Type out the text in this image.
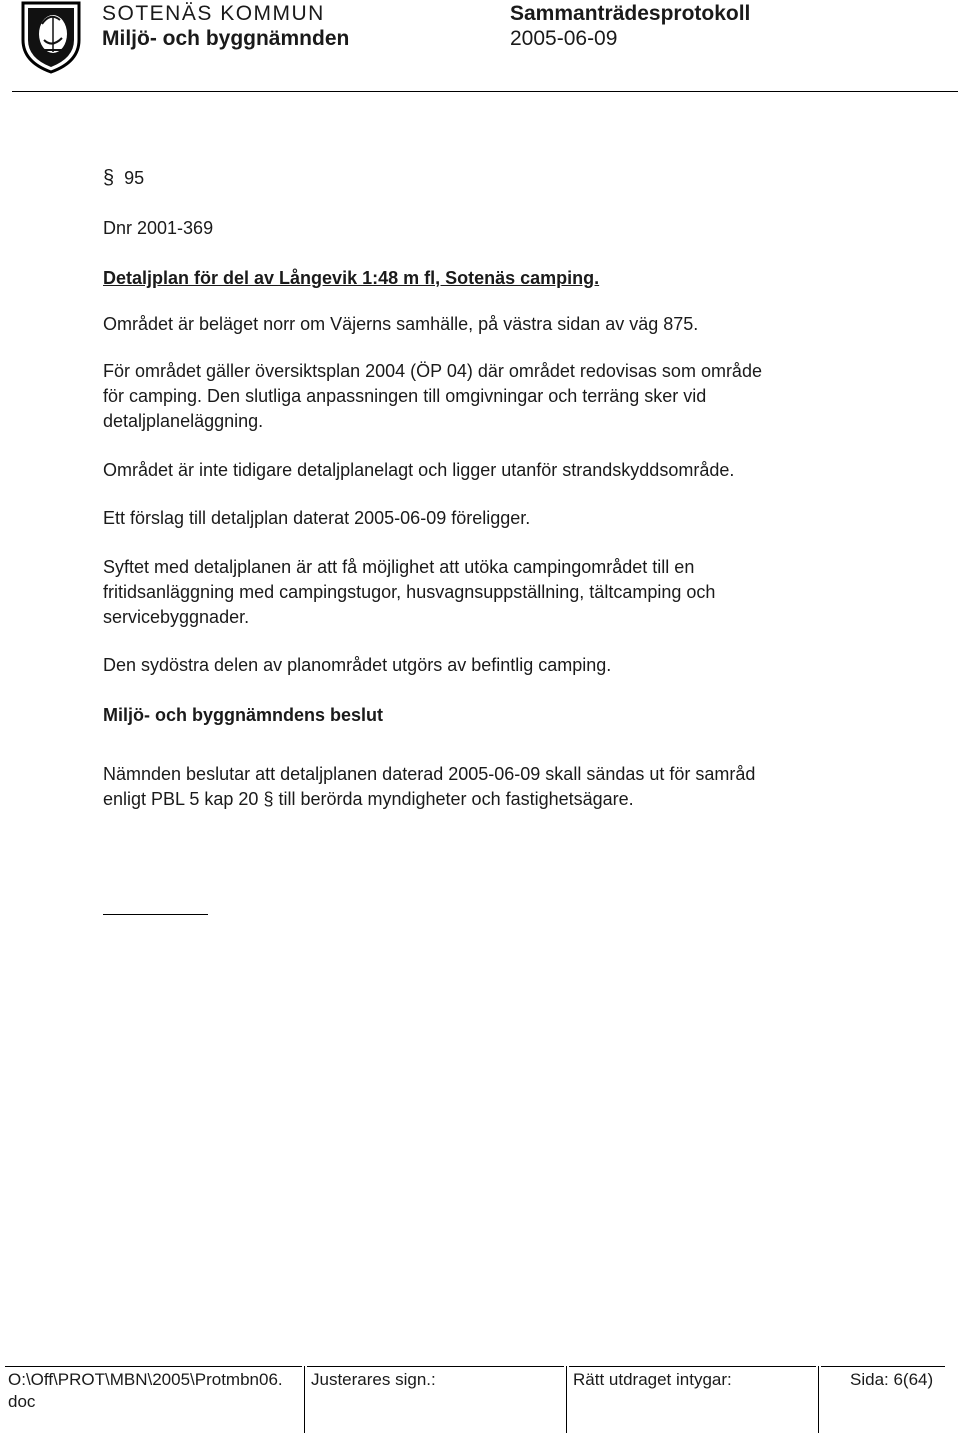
SOTENÄS KOMMUN
Miljö- och byggnämnden
Sammanträdesprotokoll
2005-06-09
§ 95
Dnr 2001-369
Detaljplan för del av Långevik 1:48 m fl, Sotenäs camping.
Området är beläget norr om Väjerns samhälle, på västra sidan av väg 875.
För området gäller översiktsplan 2004 (ÖP 04) där området redovisas som område
för camping. Den slutliga anpassningen till omgivningar och terräng sker vid
detaljplaneläggning.
Området är inte tidigare detaljplanelagt och ligger utanför strandskyddsområde.
Ett förslag till detaljplan daterat 2005-06-09 föreligger.
Syftet med detaljplanen är att få möjlighet att utöka campingområdet till en
fritidsanläggning med campingstugor, husvagnsuppställning, tältcamping och
servicebyggnader.
Den sydöstra delen av planområdet utgörs av befintlig camping.
Miljö- och byggnämndens beslut
Nämnden beslutar att detaljplanen daterad 2005-06-09 skall sändas ut för samråd
enligt PBL 5 kap 20 § till berörda myndigheter och fastighetsägare.
O:\Off\PROT\MBN\2005\Protmbn06.
doc
Justerares sign.:	Rätt utdraget intygar:	Sida: 6(64)
